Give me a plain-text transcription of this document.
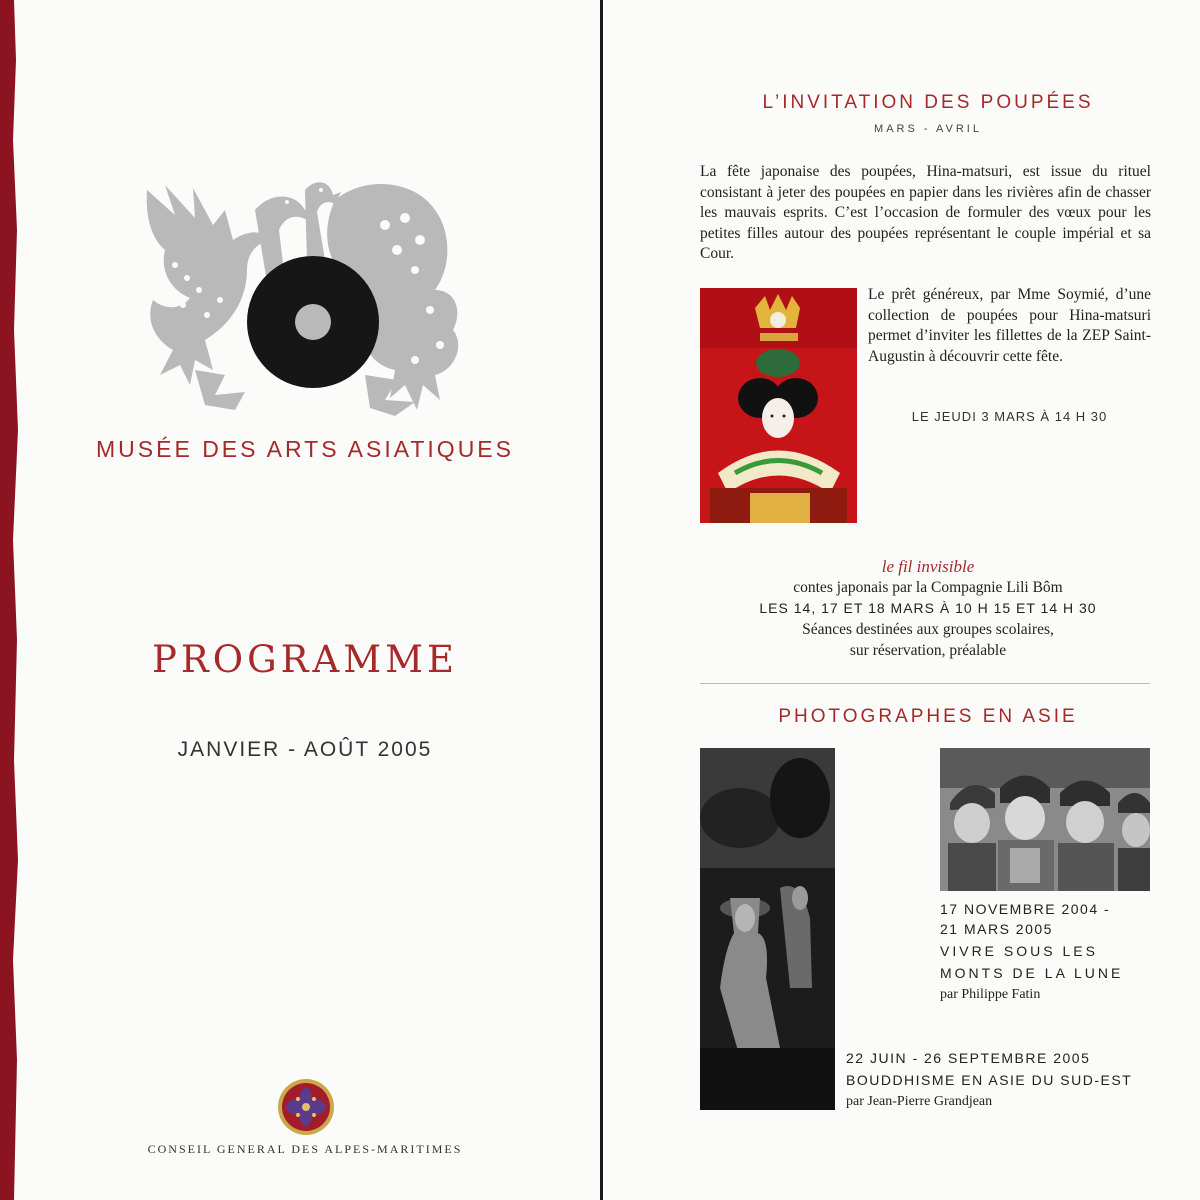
MUSÉE DES ARTS ASIATIQUES
PROGRAMME
JANVIER - AOÛT 2005
CONSEIL GENERAL DES ALPES-MARITIMES
L’INVITATION DES POUPÉES
MARS - AVRIL

La fête japonaise des poupées, Hina-matsuri, est issue du rituel consistant à jeter des poupées en papier dans les rivières afin de chasser les mauvais esprits. C’est l’occasion de formuler des vœux pour les petites filles autour des poupées représentant le couple impérial et sa Cour.

Le prêt généreux, par Mme Soymié, d’une collection de poupées pour Hina-matsuri permet d’inviter les fillettes de la ZEP Saint-Augustin à découvrir cette fête.

LE JEUDI 3 MARS À 14 H 30
le fil invisible
contes japonais par la Compagnie Lili Bôm
LES 14, 17 ET 18 MARS À 10 H 15 ET 14 H 30
Séances destinées aux groupes scolaires,
sur réservation, préalable
PHOTOGRAPHES EN ASIE
17 NOVEMBRE 2004 -
21 MARS 2005
VIVRE SOUS LES
MONTS DE LA LUNE
par Philippe Fatin
22 JUIN - 26 SEPTEMBRE 2005
BOUDDHISME EN ASIE DU SUD-EST
par Jean-Pierre Grandjean
